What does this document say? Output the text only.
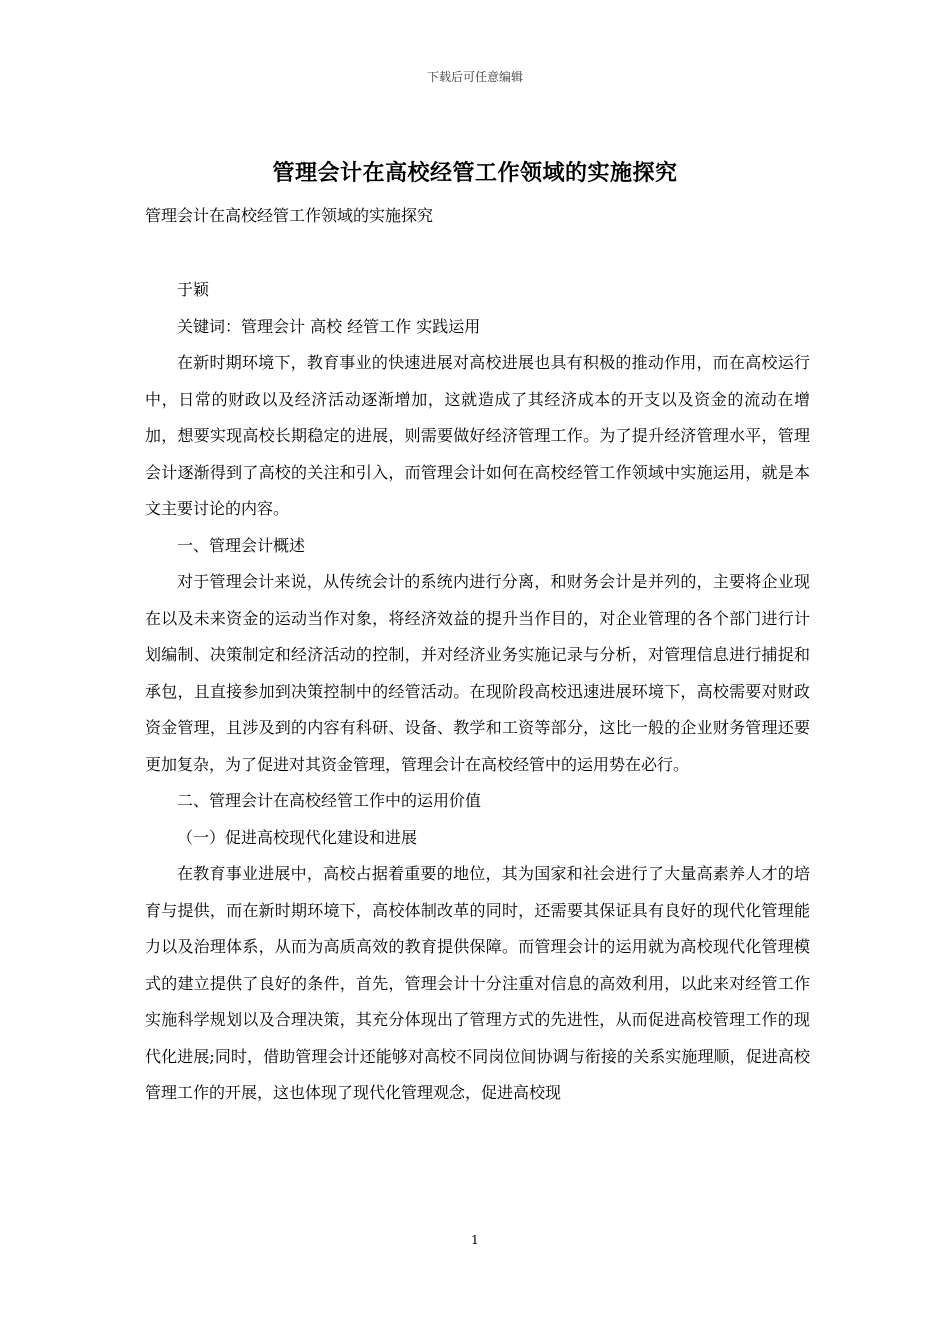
下载后可任意编辑
管理会计在高校经管工作领域的实施探究
管理会计在高校经管工作领域的实施探究

于颖

关键词：管理会计 高校 经管工作 实践运用

在新时期环境下，教育事业的快速进展对高校进展也具有积极的推动作用，而在高校运行中，日常的财政以及经济活动逐渐增加，这就造成了其经济成本的开支以及资金的流动在增加，想要实现高校长期稳定的进展，则需要做好经济管理工作。为了提升经济管理水平，管理会计逐渐得到了高校的关注和引入，而管理会计如何在高校经管工作领域中实施运用，就是本文主要讨论的内容。

一、管理会计概述

对于管理会计来说，从传统会计的系统内进行分离，和财务会计是并列的，主要将企业现在以及未来资金的运动当作对象，将经济效益的提升当作目的，对企业管理的各个部门进行计划编制、决策制定和经济活动的控制，并对经济业务实施记录与分析，对管理信息进行捕捉和承包，且直接参加到决策控制中的经管活动。在现阶段高校迅速进展环境下，高校需要对财政资金管理，且涉及到的内容有科研、设备、教学和工资等部分，这比一般的企业财务管理还要更加复杂，为了促进对其资金管理，管理会计在高校经管中的运用势在必行。

二、管理会计在高校经管工作中的运用价值

（一）促进高校现代化建设和进展

在教育事业进展中，高校占据着重要的地位，其为国家和社会进行了大量高素养人才的培育与提供，而在新时期环境下，高校体制改革的同时，还需要其保证具有良好的现代化管理能力以及治理体系，从而为高质高效的教育提供保障。而管理会计的运用就为高校现代化管理模式的建立提供了良好的条件，首先，管理会计十分注重对信息的高效利用，以此来对经管工作实施科学规划以及合理决策，其充分体现出了管理方式的先进性，从而促进高校管理工作的现代化进展;同时，借助管理会计还能够对高校不同岗位间协调与衔接的关系实施理顺，促进高校管理工作的开展，这也体现了现代化管理观念，促进高校现

1
